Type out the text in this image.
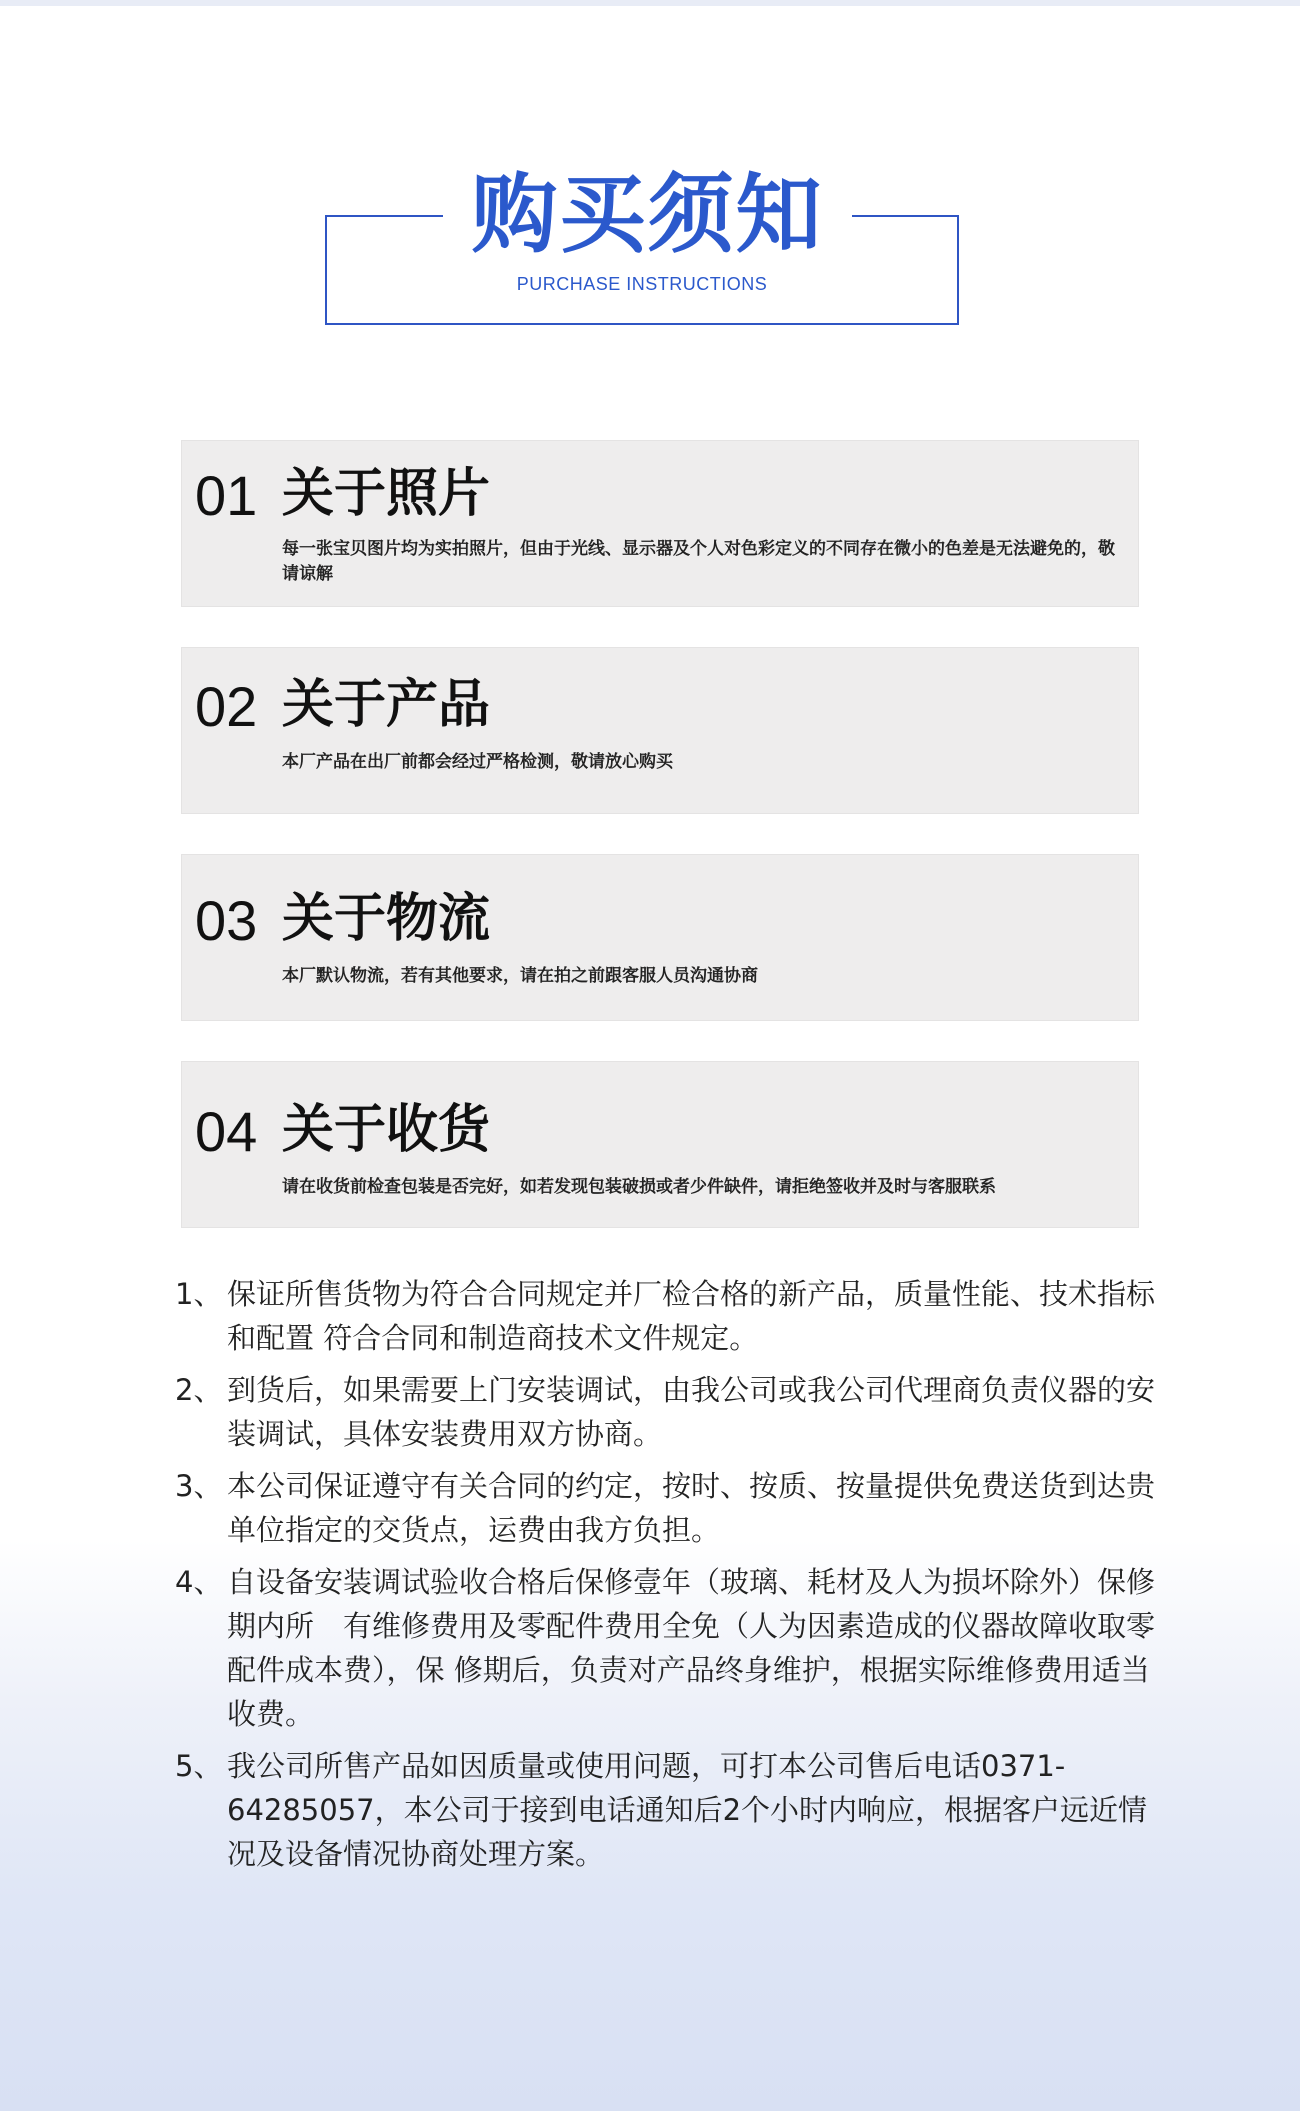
购买须知
PURCHASE INSTRUCTIONS
01 关于照片
每一张宝贝图片均为实拍照片，但由于光线、显示器及个人对色彩定义的不同存在微小的色差是无法避免的，敬请谅解
02 关于产品
本厂产品在出厂前都会经过严格检测，敬请放心购买
03 关于物流
本厂默认物流，若有其他要求，请在拍之前跟客服人员沟通协商
04 关于收货
请在收货前检查包装是否完好，如若发现包装破损或者少件缺件，请拒绝签收并及时与客服联系
1、 保证所售货物为符合合同规定并厂检合格的新产品，质量性能、技术指标和配置 符合合同和制造商技术文件规定。
2、 到货后，如果需要上门安装调试，由我公司或我公司代理商负责仪器的安装调试，具体安装费用双方协商。
3、 本公司保证遵守有关合同的约定，按时、按质、按量提供免费送货到达贵单位指定的交货点，运费由我方负担。
4、 自设备安装调试验收合格后保修壹年（玻璃、耗材及人为损坏除外）保修期内所　有维修费用及零配件费用全免（人为因素造成的仪器故障收取零配件成本费），保 修期后，负责对产品终身维护，根据实际维修费用适当收费。
5、 我公司所售产品如因质量或使用问题，可打本公司售后电话0371-64285057，本公司于接到电话通知后2个小时内响应，根据客户远近情况及设备情况协商处理方案。
